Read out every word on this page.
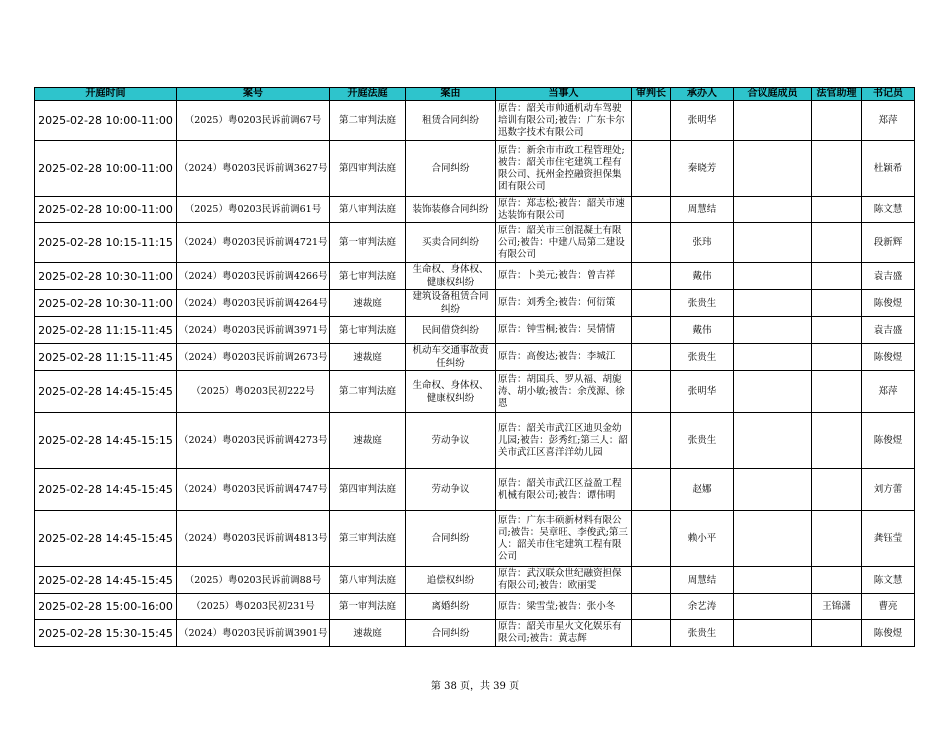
开庭时间	案号	开庭法庭	案由	当事人	审判长	承办人	合议庭成员	法官助理	书记员
2025-02-28 10:00-11:00	（2025）粤0203民诉前调67号	第二审判法庭	租赁合同纠纷	原告：韶关市帅通机动车驾驶培训有限公司;被告：广东卡尔迅数字技术有限公司		张明华			郑萍
2025-02-28 10:00-11:00	（2024）粤0203民诉前调3627号	第四审判法庭	合同纠纷	原告：新余市市政工程管理处;被告：韶关市住宅建筑工程有限公司、抚州金控融资担保集团有限公司		秦晓芳			杜颖希
2025-02-28 10:00-11:00	（2025）粤0203民诉前调61号	第八审判法庭	装饰装修合同纠纷	原告：郑志松;被告：韶关市速达装饰有限公司		周慧结			陈文慧
2025-02-28 10:15-11:15	（2024）粤0203民诉前调4721号	第一审判法庭	买卖合同纠纷	原告：韶关市三创混凝土有限公司;被告：中建八局第二建设有限公司		张玮			段新辉
2025-02-28 10:30-11:00	（2024）粤0203民诉前调4266号	第七审判法庭	生命权、身体权、健康权纠纷	原告：卜美元;被告：曾吉祥		戴伟			袁吉盛
2025-02-28 10:30-11:00	（2024）粤0203民诉前调4264号	速裁庭	建筑设备租赁合同纠纷	原告：刘秀全;被告：何衍策		张贵生			陈俊煜
2025-02-28 11:15-11:45	（2024）粤0203民诉前调3971号	第七审判法庭	民间借贷纠纷	原告：钟雪桐;被告：吴情情		戴伟			袁吉盛
2025-02-28 11:15-11:45	（2024）粤0203民诉前调2673号	速裁庭	机动车交通事故责任纠纷	原告：高俊达;被告：李城江		张贵生			陈俊煜
2025-02-28 14:45-15:45	（2025）粤0203民初222号	第二审判法庭	生命权、身体权、健康权纠纷	原告：胡国兵、罗从福、胡旎涛、胡小敏;被告：余茂源、徐恩		张明华			郑萍
2025-02-28 14:45-15:15	（2024）粤0203民诉前调4273号	速裁庭	劳动争议	原告：韶关市武江区迪贝金幼儿园;被告：彭秀红;第三人：韶关市武江区喜洋洋幼儿园		张贵生			陈俊煜
2025-02-28 14:45-15:45	（2024）粤0203民诉前调4747号	第四审判法庭	劳动争议	原告：韶关市武江区益盈工程机械有限公司;被告：谭伟明		赵娜			刘方蕾
2025-02-28 14:45-15:45	（2024）粤0203民诉前调4813号	第三审判法庭	合同纠纷	原告：广东丰硕新材料有限公司;被告：吴章旺、李俊武;第三人：韶关市住宅建筑工程有限公司		赖小平			龚钰莹
2025-02-28 14:45-15:45	（2025）粤0203民诉前调88号	第八审判法庭	追偿权纠纷	原告：武汉联众世纪融资担保有限公司;被告：欧丽雯		周慧结			陈文慧
2025-02-28 15:00-16:00	（2025）粤0203民初231号	第一审判法庭	离婚纠纷	原告：梁雪莹;被告：张小冬		余艺涛		王锦潇	曹亮
2025-02-28 15:30-15:45	（2024）粤0203民诉前调3901号	速裁庭	合同纠纷	原告：韶关市星火文化娱乐有限公司;被告：黄志辉		张贵生			陈俊煜
第 38 页，共 39 页
